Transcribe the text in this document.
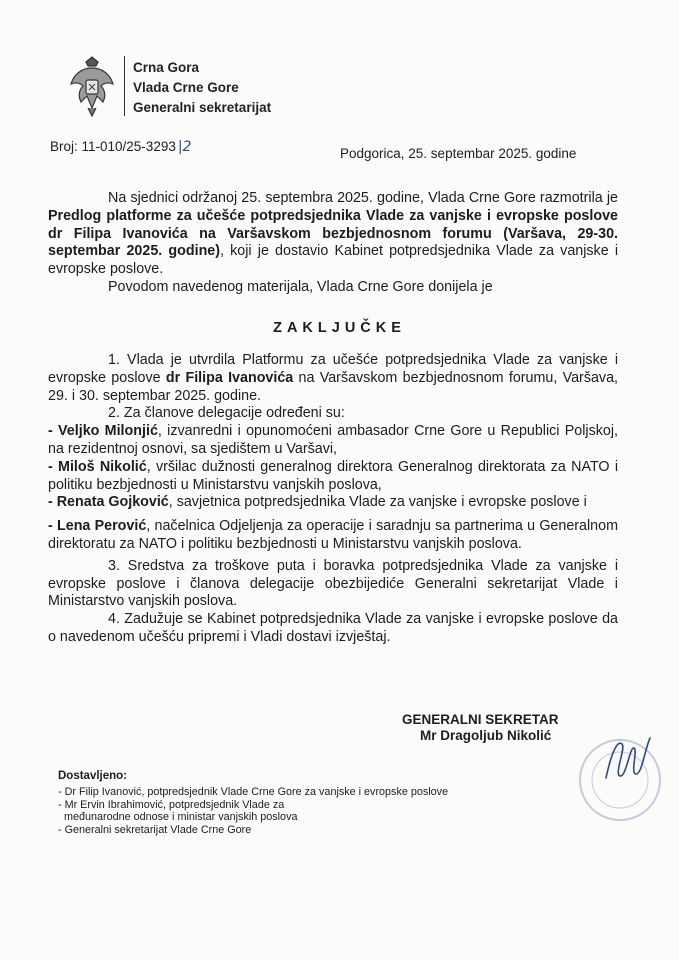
Crna Gora
Vlada Crne Gore
Generalni sekretarijat
Broj: 11-010/25-3293 |2	Podgorica, 25. septembar 2025. godine

Na sjednici održanoj 25. septembra 2025. godine, Vlada Crne Gore razmotrila je Predlog platforme za učešće potpredsjednika Vlade za vanjske i evropske poslove dr Filipa Ivanovića na Varšavskom bezbjednosnom forumu (Varšava, 29-30. septembar 2025. godine), koji je dostavio Kabinet potpredsjednika Vlade za vanjske i evropske poslove.

Povodom navedenog materijala, Vlada Crne Gore donijela je

ZAKLJUČKE

1. Vlada je utvrdila Platformu za učešće potpredsjednika Vlade za vanjske i evropske poslove dr Filipa Ivanovića na Varšavskom bezbjednosnom forumu, Varšava, 29. i 30. septembar 2025. godine.

2. Za članove delegacije određeni su:

- Veljko Milonjić, izvanredni i opunomoćeni ambasador Crne Gore u Republici Poljskoj, na rezidentnoj osnovi, sa sjedištem u Varšavi,

- Miloš Nikolić, vršilac dužnosti generalnog direktora Generalnog direktorata za NATO i politiku bezbjednosti u Ministarstvu vanjskih poslova,

- Renata Gojković, savjetnica potpredsjednika Vlade za vanjske i evropske poslove i

- Lena Perović, načelnica Odjeljenja za operacije i saradnju sa partnerima u Generalnom direktoratu za NATO i politiku bezbjednosti u Ministarstvu vanjskih poslova.

3. Sredstva za troškove puta i boravka potpredsjednika Vlade za vanjske i evropske poslove i članova delegacije obezbijediće Generalni sekretarijat Vlade i Ministarstvo vanjskih poslova.

4. Zadužuje se Kabinet potpredsjednika Vlade za vanjske i evropske poslove da o navedenom učešću pripremi i Vladi dostavi izvještaj.

GENERALNI SEKRETAR
Mr Dragoljub Nikolić
Dostavljeno:
- Dr Filip Ivanović, potpredsjednik Vlade Crne Gore za vanjske i evropske poslove
- Mr Ervin Ibrahimović, potpredsjednik Vlade za
međunarodne odnose i ministar vanjskih poslova
- Generalni sekretarijat Vlade Crne Gore
